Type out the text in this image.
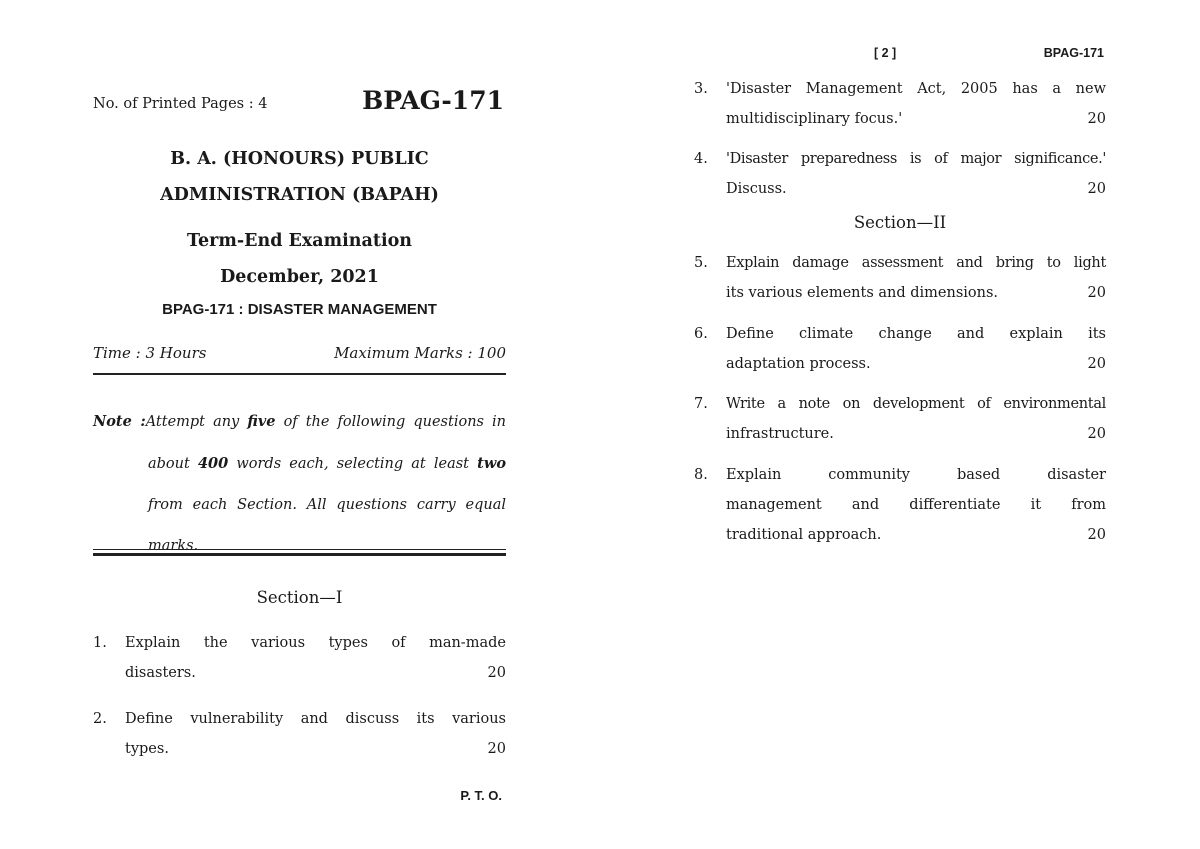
No. of Printed Pages : 4	BPAG-171
B. A. (HONOURS) PUBLIC
ADMINISTRATION (BAPAH)
Term-End Examination
December, 2021
BPAG-171 : DISASTER MANAGEMENT
Time : 3 Hours	Maximum Marks : 100
Note :Attempt any five of the following questions in
about 400 words each, selecting at least two
from each Section. All questions carry equal
marks.
Section—I
1. Explain the various types of man-made
disasters.	20
2. Define vulnerability and discuss its various
types.	20
P. T. O.
[ 2 ]	BPAG-171
3. 'Disaster Management Act, 2005 has a new
multidisciplinary focus.'	20
4. 'Disaster preparedness is of major significance.'
Discuss.	20
Section—II
5. Explain damage assessment and bring to light
its various elements and dimensions.	20
6. Define climate change and explain its
adaptation process.	20
7. Write a note on development of environmental
infrastructure.	20
8. Explain	community	based	disaster
management and differentiate it from
traditional approach.	20
